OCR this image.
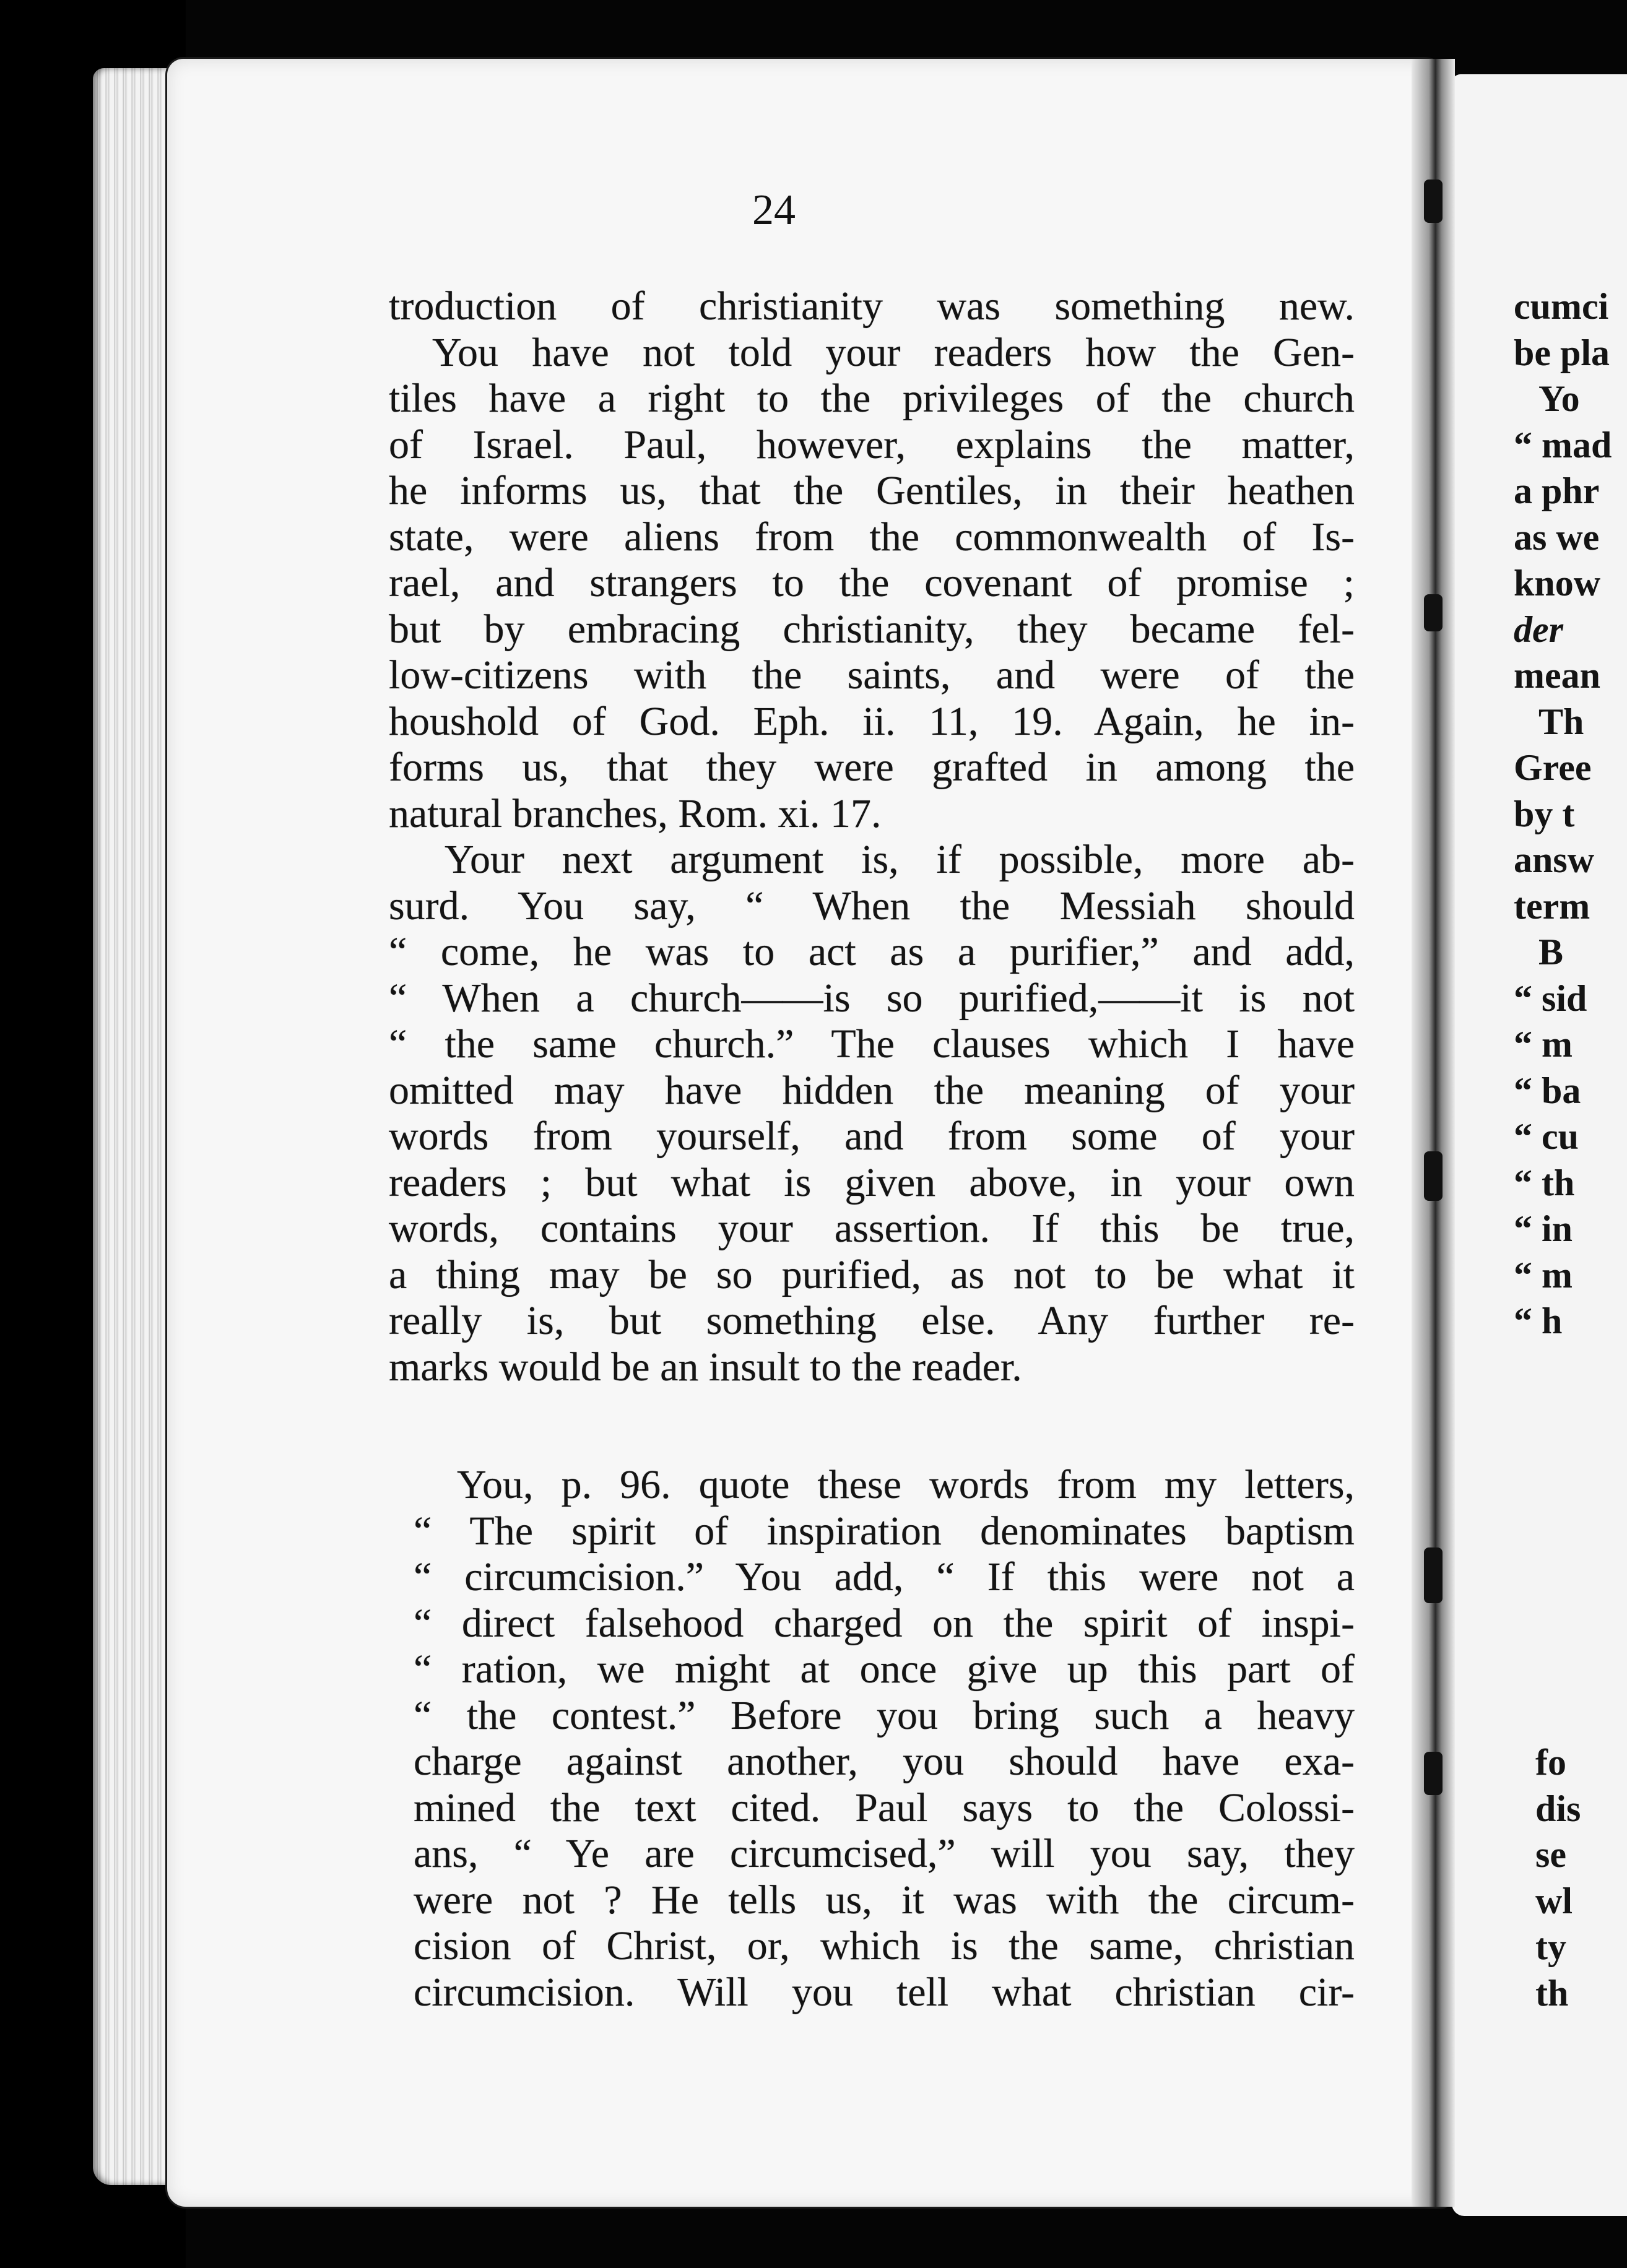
24

troduction of christianity was something new.
You have not told your readers how the Gen-
tiles have a right to the privileges of the church
of Israel. Paul, however, explains the matter,
he informs us, that the Gentiles, in their heathen
state, were aliens from the commonwealth of Is-
rael, and strangers to the covenant of promise ;
but by embracing christianity, they became fel-
low-citizens with the saints, and were of the
houshold of God. Eph. ii. 11, 19. Again, he in-
forms us, that they were grafted in among the
natural branches, Rom. xi. 17.
Your next argument is, if possible, more ab-
surd. You say, “ When the Messiah should
“ come, he was to act as a purifier,” and add,
“ When a church——is so purified,——it is not
“ the same church.” The clauses which I have
omitted may have hidden the meaning of your
words from yourself, and from some of your
readers ; but what is given above, in your own
words, contains your assertion. If this be true,
a thing may be so purified, as not to be what it
really is, but something else. Any further re-
marks would be an insult to the reader.
You, p. 96. quote these words from my letters,
“ The spirit of inspiration denominates baptism
“ circumcision.” You add, “ If this were not a
“ direct falsehood charged on the spirit of inspi-
“ ration, we might at once give up this part of
“ the contest.” Before you bring such a heavy
charge against another, you should have exa-
mined the text cited. Paul says to the Colossi-
ans, “ Ye are circumcised,” will you say, they
were not ? He tells us, it was with the circum-
cision of Christ, or, which is the same, christian
circumcision. Will you tell what christian cir-
cumci
be pla
Yo
“ mad
a phr
as we
know
der
mean
Th
Gree
by t
answ
term
B
“ sid
“ m
“ ba
“ cu
“ th
“ in
“ m
“ h
fo
dis
se
wl
ty
th
